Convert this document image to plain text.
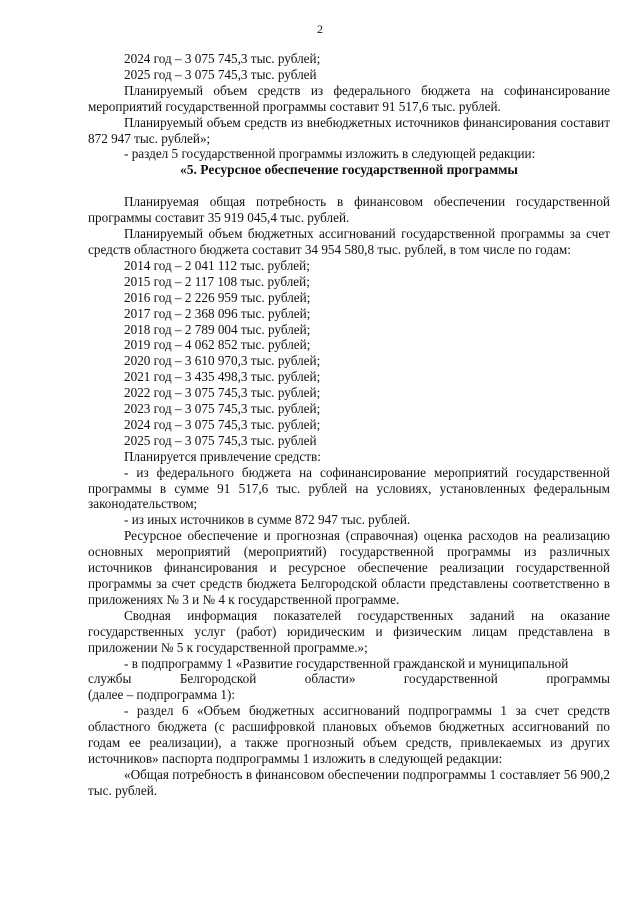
2

2024 год – 3 075 745,3 тыс. рублей;

2025 год – 3 075 745,3 тыс. рублей

Планируемый объем средств из федерального бюджета на софинансирование мероприятий государственной программы составит 91 517,6 тыс. рублей.

Планируемый объем средств из внебюджетных источников финансирования составит 872 947 тыс. рублей»;

- раздел 5 государственной программы изложить в следующей редакции:

«5. Ресурсное обеспечение государственной программы

Планируемая общая потребность в финансовом обеспечении государственной программы составит 35 919 045,4 тыс. рублей.

Планируемый объем бюджетных ассигнований государственной программы за счет средств областного бюджета составит 34 954 580,8 тыс. рублей, в том числе по годам:

2014 год – 2 041 112 тыс. рублей;

2015 год – 2 117 108 тыс. рублей;

2016 год – 2 226 959 тыс. рублей;

2017 год – 2 368 096 тыс. рублей;

2018 год – 2 789 004 тыс. рублей;

2019 год – 4 062 852 тыс. рублей;

2020 год – 3 610 970,3 тыс. рублей;

2021 год – 3 435 498,3 тыс. рублей;

2022 год – 3 075 745,3 тыс. рублей;

2023 год – 3 075 745,3 тыс. рублей;

2024 год – 3 075 745,3 тыс. рублей;

2025 год – 3 075 745,3 тыс. рублей

Планируется привлечение средств:

- из федерального бюджета на софинансирование мероприятий государственной программы в сумме 91 517,6 тыс. рублей на условиях, установленных федеральным законодательством;

- из иных источников в сумме 872 947 тыс. рублей.

Ресурсное обеспечение и прогнозная (справочная) оценка расходов на реализацию основных мероприятий (мероприятий) государственной программы из различных источников финансирования и ресурсное обеспечение реализации государственной программы за счет средств бюджета Белгородской области представлены соответственно в приложениях № 3 и № 4 к государственной программе.

Сводная информация показателей государственных заданий на оказание государственных услуг (работ) юридическим и физическим лицам представлена в приложении № 5 к государственной программе.»;

- в подпрограмму 1 «Развитие государственной гражданской и муниципальной

службы	Белгородской	области»	государственной	программы

(далее – подпрограмма 1):

- раздел 6 «Объем бюджетных ассигнований подпрограммы 1 за счет средств областного бюджета (с расшифровкой плановых объемов бюджетных ассигнований по годам ее реализации), а также прогнозный объем средств, привлекаемых из других источников» паспорта подпрограммы 1 изложить в следующей редакции:

«Общая потребность в финансовом обеспечении подпрограммы 1 составляет 56 900,2 тыс. рублей.
